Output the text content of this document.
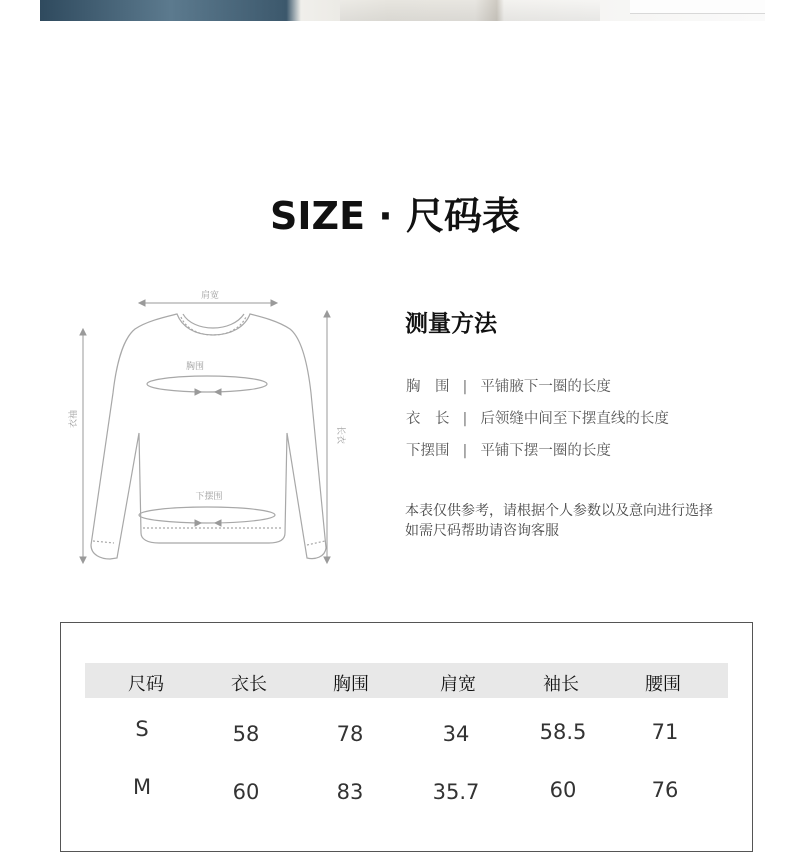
SIZE · 尺码表
肩宽
胸围
下摆围
衣袖
长衣
测量方法
胸　围 | 平铺腋下一圈的长度
衣　长 | 后领缝中间至下摆直线的长度
下摆围 | 平铺下摆一圈的长度
本表仅供参考，请根据个人参数以及意向进行选择
如需尺码帮助请咨询客服
尺码	衣长	胸围	肩宽	袖长	腰围
S	58	78	34	58.5	71
M	60	83	35.7	60	76
